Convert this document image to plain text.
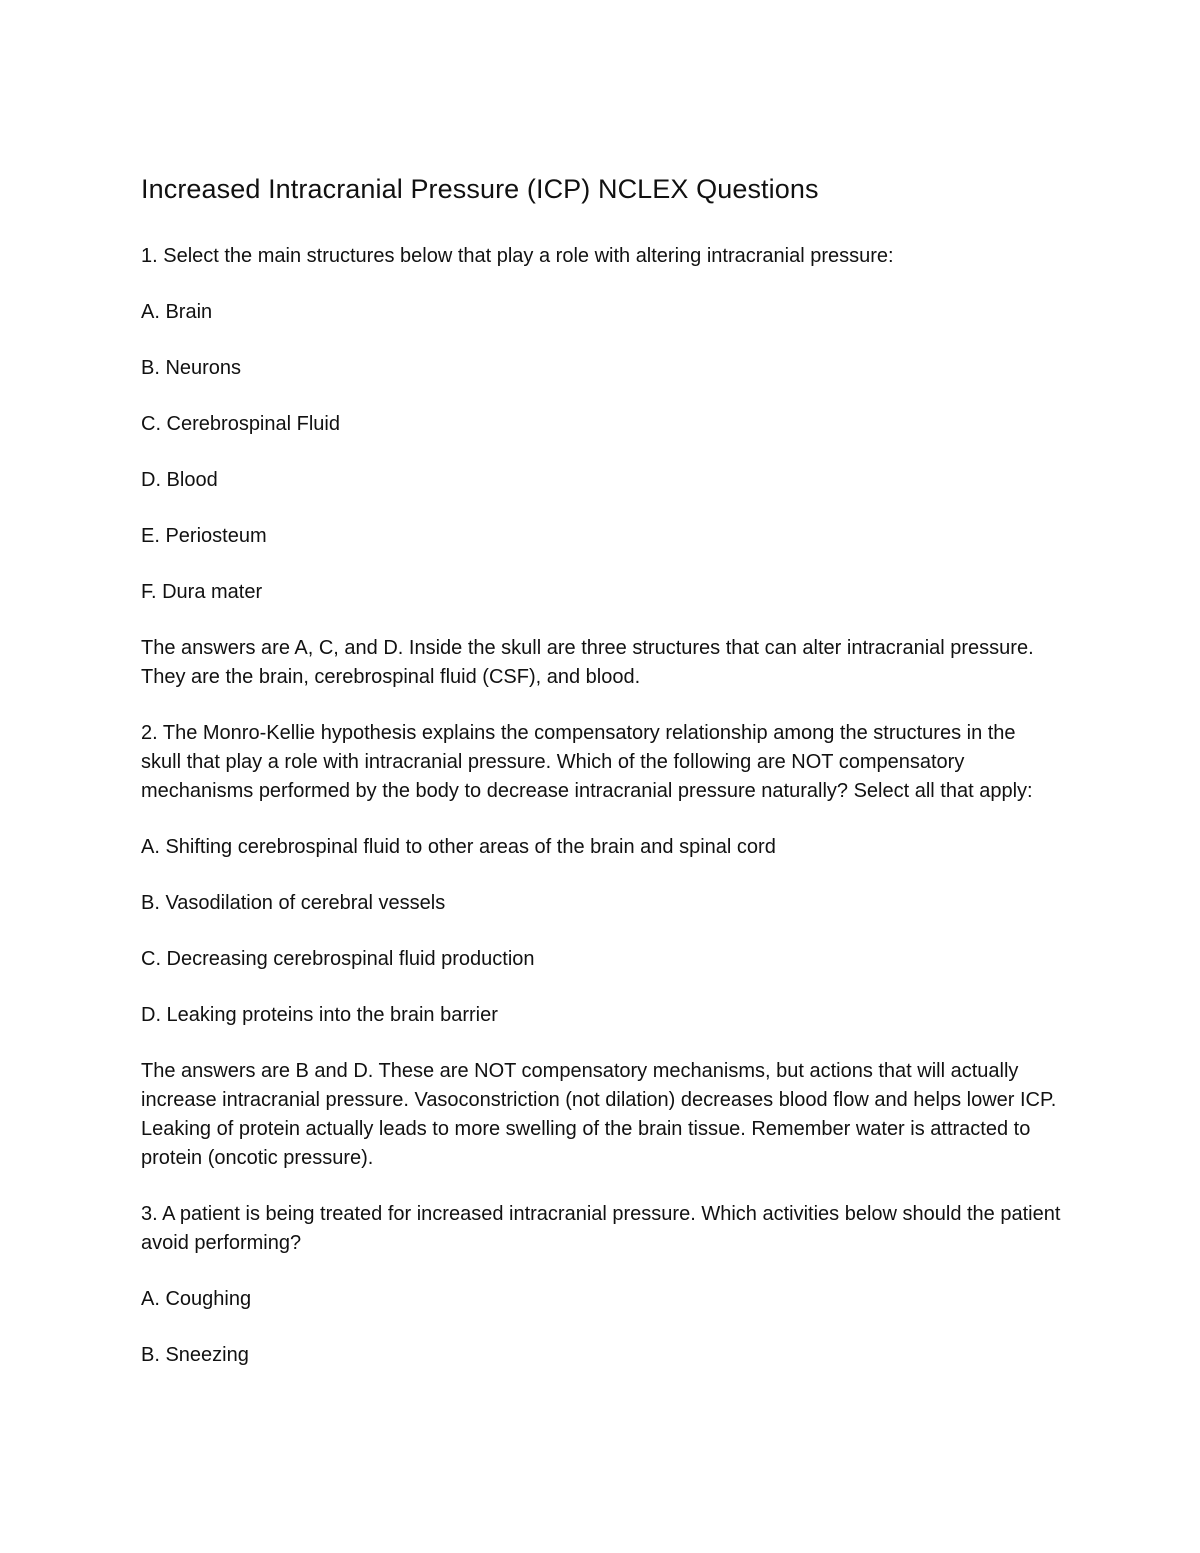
Increased Intracranial Pressure (ICP) NCLEX Questions

1. Select the main structures below that play a role with altering intracranial pressure:

A. Brain

B. Neurons

C. Cerebrospinal Fluid

D. Blood

E. Periosteum

F. Dura mater

The answers are A, C, and D. Inside the skull are three structures that can alter intracranial pressure. They are the brain, cerebrospinal fluid (CSF), and blood.

2. The Monro-Kellie hypothesis explains the compensatory relationship among the structures in the skull that play a role with intracranial pressure. Which of the following are NOT compensatory mechanisms performed by the body to decrease intracranial pressure naturally? Select all that apply:

A. Shifting cerebrospinal fluid to other areas of the brain and spinal cord

B. Vasodilation of cerebral vessels

C. Decreasing cerebrospinal fluid production

D. Leaking proteins into the brain barrier

The answers are B and D. These are NOT compensatory mechanisms, but actions that will actually increase intracranial pressure. Vasoconstriction (not dilation) decreases blood flow and helps lower ICP. Leaking of protein actually leads to more swelling of the brain tissue. Remember water is attracted to protein (oncotic pressure).

3. A patient is being treated for increased intracranial pressure. Which activities below should the patient avoid performing?

A. Coughing

B. Sneezing
